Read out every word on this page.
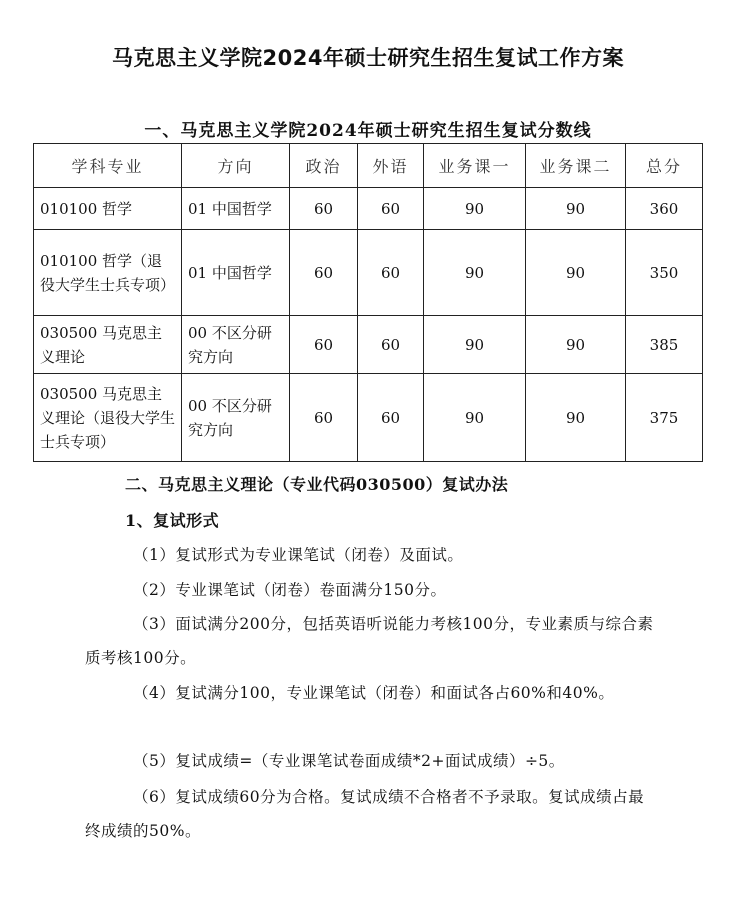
马克思主义学院2024年硕士研究生招生复试工作方案
一、马克思主义学院2024年硕士研究生招生复试分数线
学科专业	方向	政治	外语	业务课一	业务课二	总分
010100 哲学	01 中国哲学	60	60	90	90	360
010100 哲学（退役大学生士兵专项）	01 中国哲学	60	60	90	90	350
030500 马克思主义理论	00 不区分研究方向	60	60	90	90	385
030500 马克思主义理论（退役大学生士兵专项）	00 不区分研究方向	60	60	90	90	375
二、马克思主义理论（专业代码030500）复试办法
1、复试形式
（1）复试形式为专业课笔试（闭卷）及面试。
（2）专业课笔试（闭卷）卷面满分150分。
（3）面试满分200分，包括英语听说能力考核100分，专业素质与综合素质考核100分。
（4）复试满分100，专业课笔试（闭卷）和面试各占60%和40%。
（5）复试成绩=（专业课笔试卷面成绩*2+面试成绩）÷5。
（6）复试成绩60分为合格。复试成绩不合格者不予录取。复试成绩占最终成绩的50%。
